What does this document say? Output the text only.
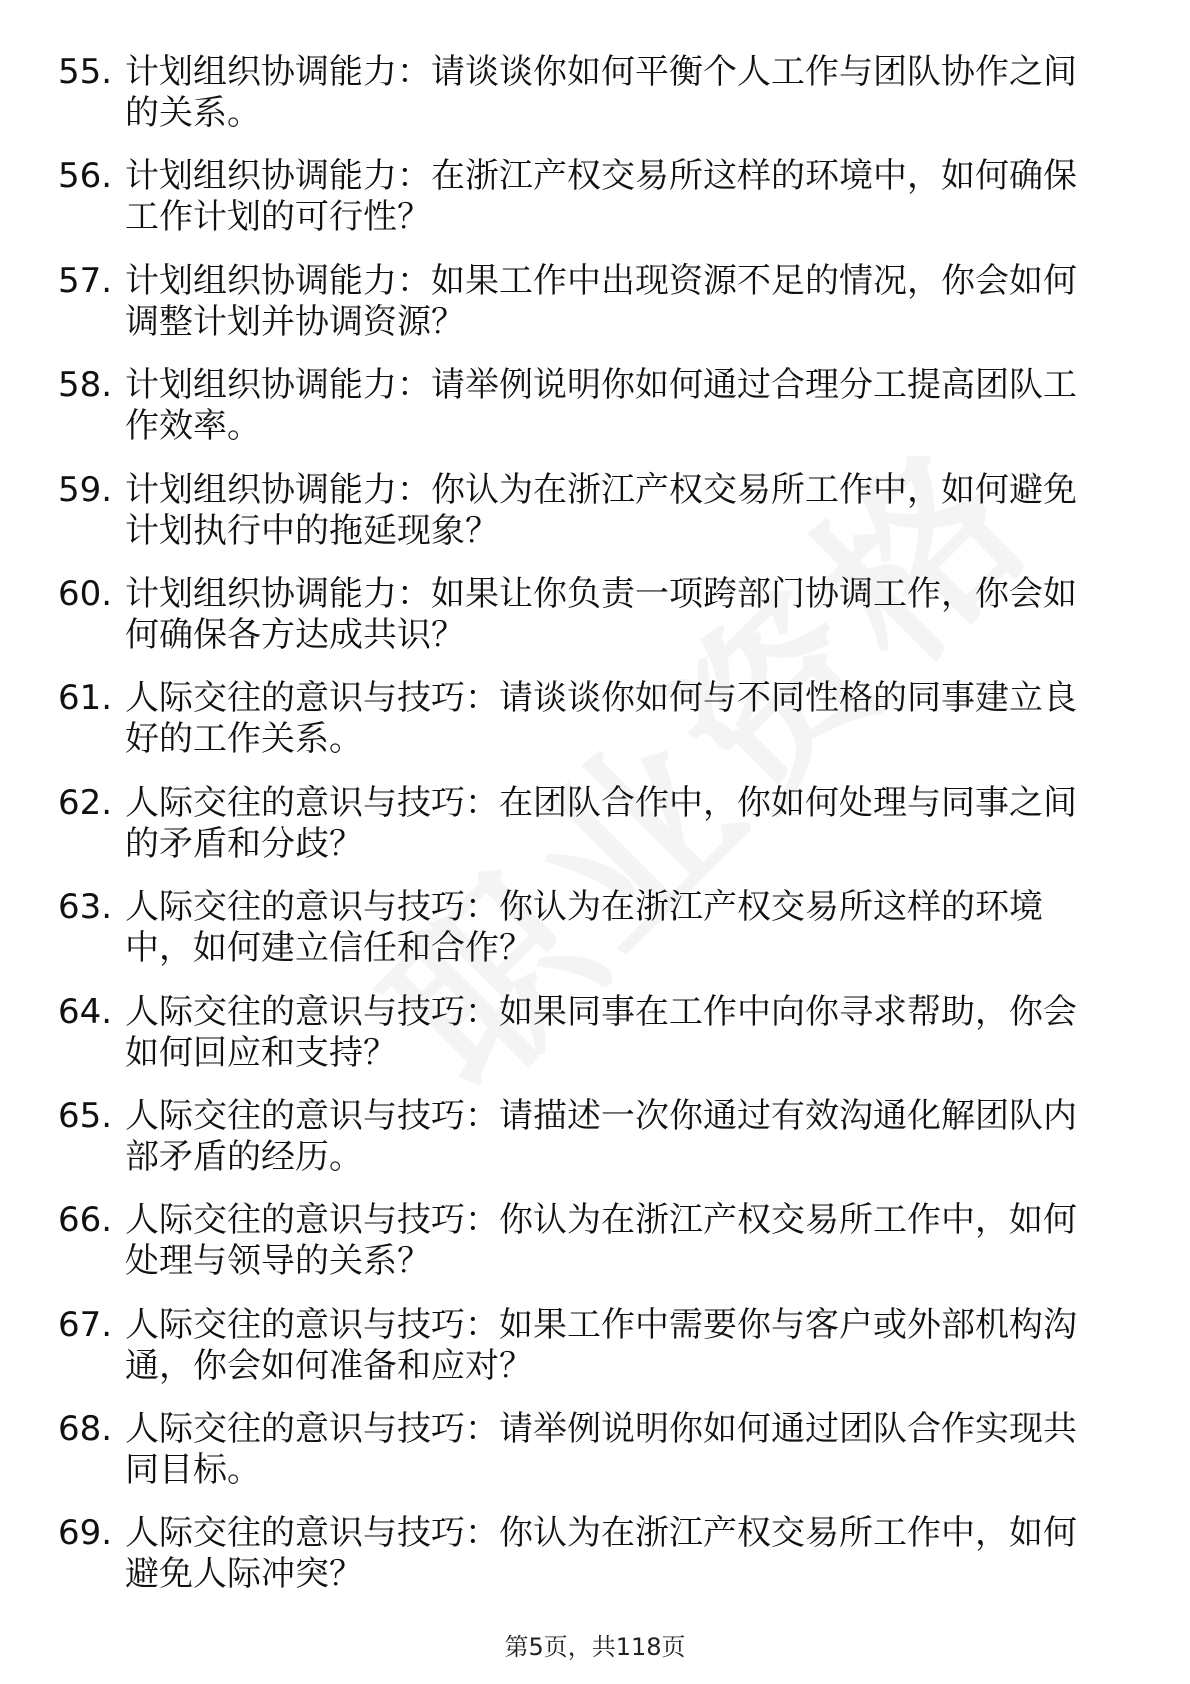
55. 计划组织协调能力：请谈谈你如何平衡个人工作与团队协作之间的关系。
56. 计划组织协调能力：在浙江产权交易所这样的环境中，如何确保工作计划的可行性？
57. 计划组织协调能力：如果工作中出现资源不足的情况，你会如何调整计划并协调资源？
58. 计划组织协调能力：请举例说明你如何通过合理分工提高团队工作效率。
59. 计划组织协调能力：你认为在浙江产权交易所工作中，如何避免计划执行中的拖延现象？
60. 计划组织协调能力：如果让你负责一项跨部门协调工作，你会如何确保各方达成共识？
61. 人际交往的意识与技巧：请谈谈你如何与不同性格的同事建立良好的工作关系。
62. 人际交往的意识与技巧：在团队合作中，你如何处理与同事之间的矛盾和分歧？
63. 人际交往的意识与技巧：你认为在浙江产权交易所这样的环境中，如何建立信任和合作？
64. 人际交往的意识与技巧：如果同事在工作中向你寻求帮助，你会如何回应和支持？
65. 人际交往的意识与技巧：请描述一次你通过有效沟通化解团队内部矛盾的经历。
66. 人际交往的意识与技巧：你认为在浙江产权交易所工作中，如何处理与领导的关系？
67. 人际交往的意识与技巧：如果工作中需要你与客户或外部机构沟通，你会如何准备和应对？
68. 人际交往的意识与技巧：请举例说明你如何通过团队合作实现共同目标。
69. 人际交往的意识与技巧：你认为在浙江产权交易所工作中，如何避免人际冲突？
第5页，共118页
